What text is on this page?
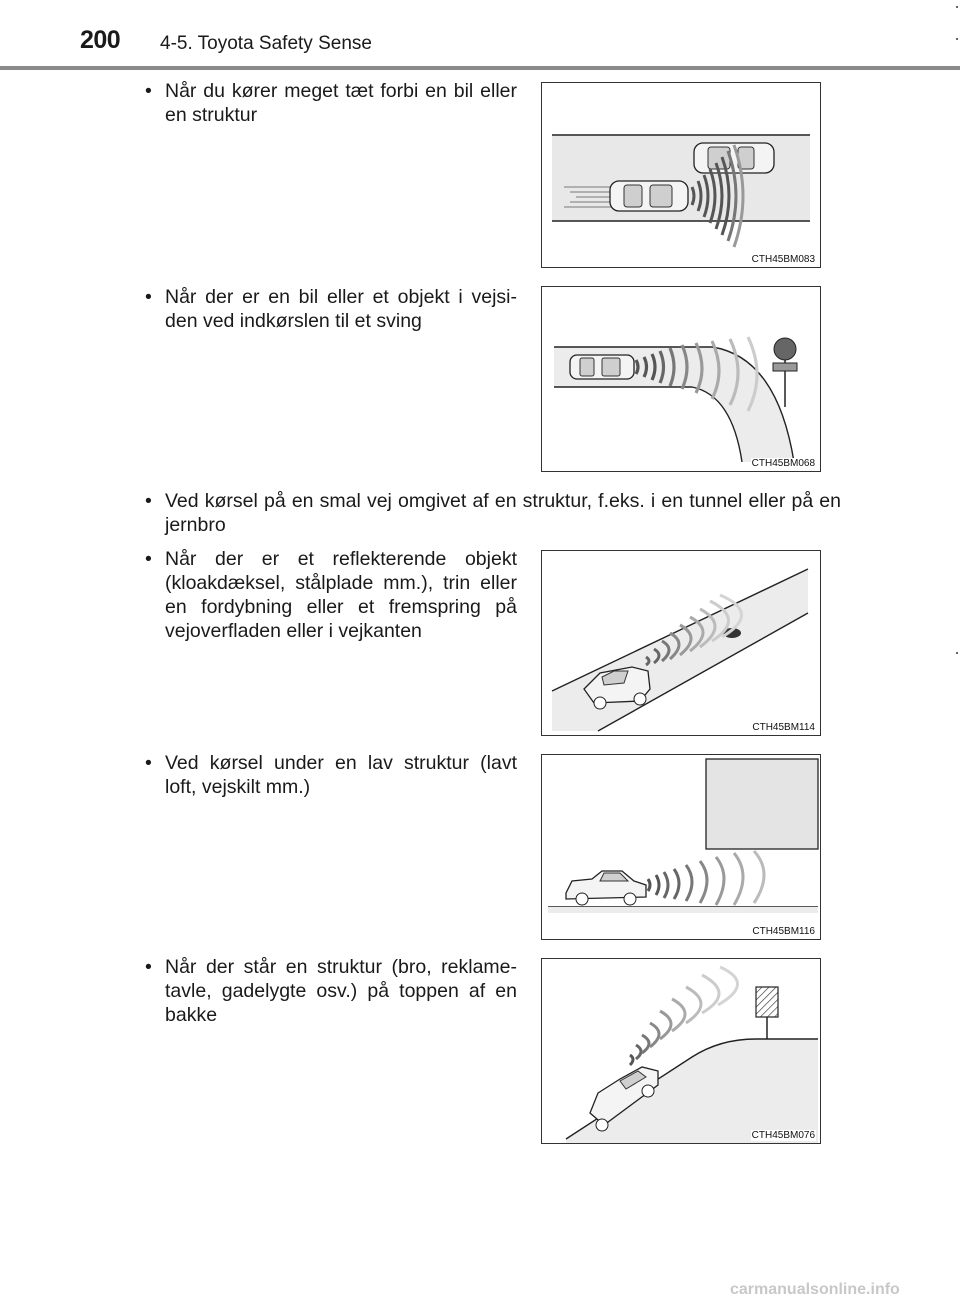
200 4-5. Toyota Safety Sense
• Når du kører meget tæt forbi en bil eller en struktur
• Når der er en bil eller et objekt i vejsi-den ved indkørslen til et sving
• Ved kørsel på en smal vej omgivet af en struktur, f.eks. i en tunnel eller på en jernbro
• Når der er et reflekterende objekt (kloakdæksel, stålplade mm.), trin eller en fordybning eller et fremspring på vejoverfladen eller i vejkanten
• Ved kørsel under en lav struktur (lavt loft, vejskilt mm.)
• Når der står en struktur (bro, reklame-tavle, gadelygte osv.) på toppen af en bakke
CTH45BM083
CTH45BM068
CTH45BM114
CTH45BM116
CTH45BM076
carmanualsonline.info
